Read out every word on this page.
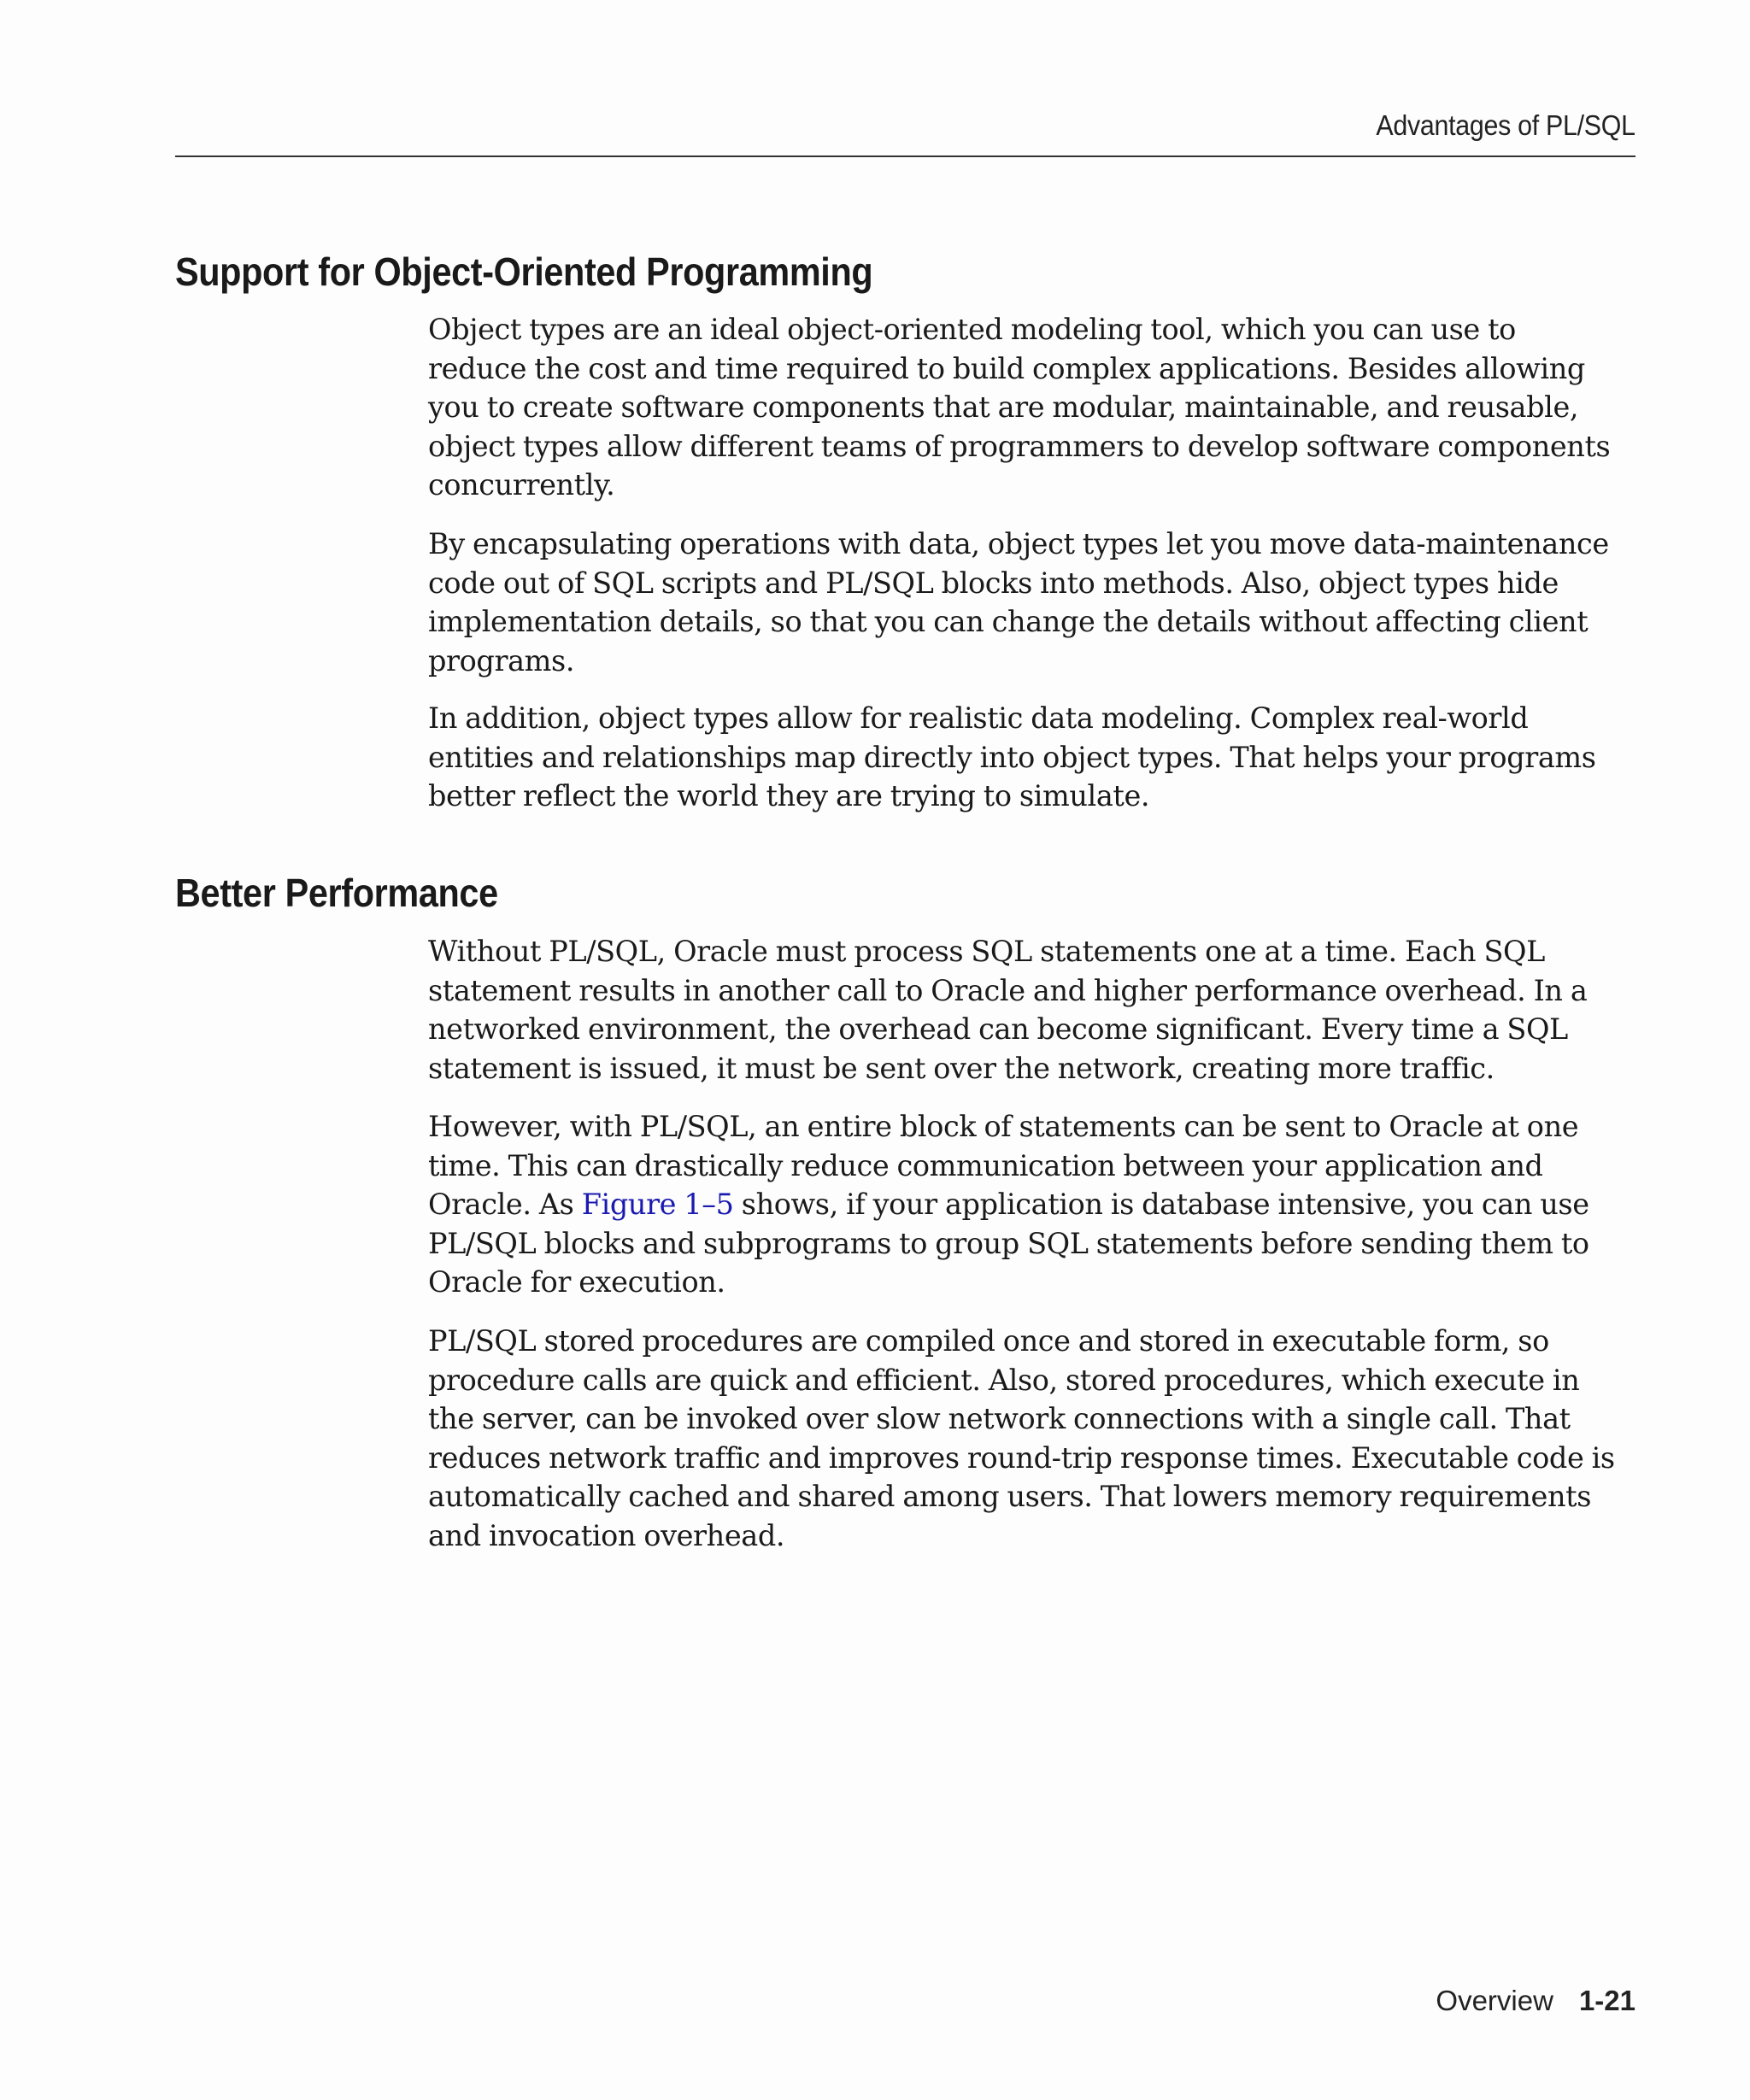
Advantages of PL/SQL
Support for Object-Oriented Programming

Object types are an ideal object-oriented modeling tool, which you can use to
reduce the cost and time required to build complex applications. Besides allowing
you to create software components that are modular, maintainable, and reusable,
object types allow different teams of programmers to develop software components
concurrently.

By encapsulating operations with data, object types let you move data-maintenance
code out of SQL scripts and PL/SQL blocks into methods. Also, object types hide
implementation details, so that you can change the details without affecting client
programs.

In addition, object types allow for realistic data modeling. Complex real-world
entities and relationships map directly into object types. That helps your programs
better reflect the world they are trying to simulate.

Better Performance

Without PL/SQL, Oracle must process SQL statements one at a time. Each SQL
statement results in another call to Oracle and higher performance overhead. In a
networked environment, the overhead can become significant. Every time a SQL
statement is issued, it must be sent over the network, creating more traffic.

However, with PL/SQL, an entire block of statements can be sent to Oracle at one
time. This can drastically reduce communication between your application and
Oracle. As Figure 1–5 shows, if your application is database intensive, you can use
PL/SQL blocks and subprograms to group SQL statements before sending them to
Oracle for execution.

PL/SQL stored procedures are compiled once and stored in executable form, so
procedure calls are quick and efficient. Also, stored procedures, which execute in
the server, can be invoked over slow network connections with a single call. That
reduces network traffic and improves round-trip response times. Executable code is
automatically cached and shared among users. That lowers memory requirements
and invocation overhead.

Overview 1-21
